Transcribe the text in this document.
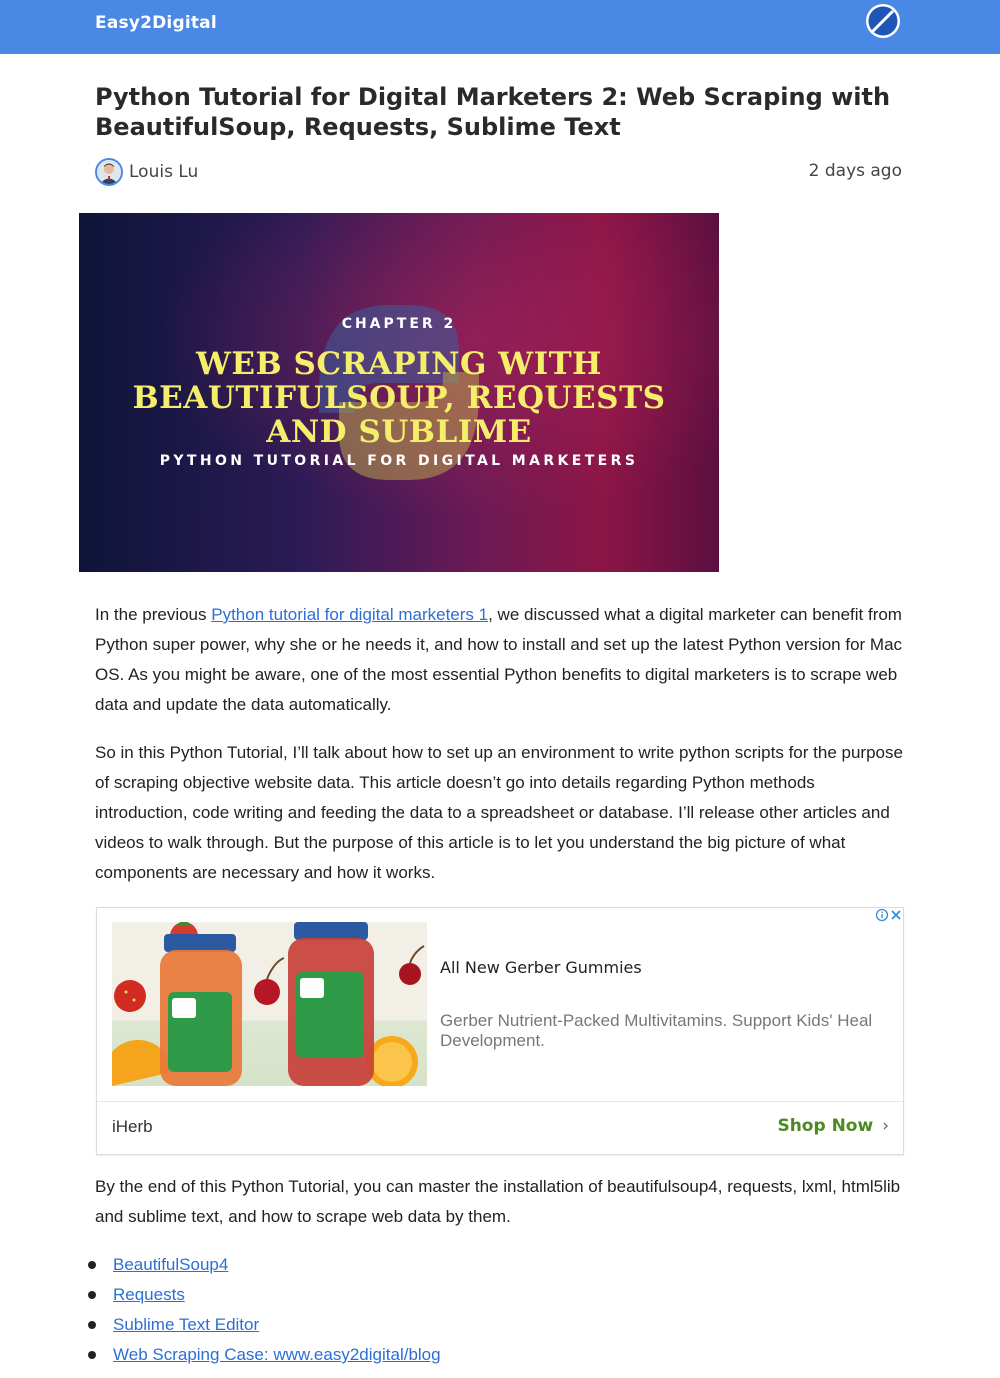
Easy2Digital
Python Tutorial for Digital Marketers 2: Web Scraping with BeautifulSoup, Requests, Sublime Text
Louis Lu	2 days ago
CHAPTER 2
WEB SCRAPING WITH
BEAUTIFULSOUP, REQUESTS
AND SUBLIME
PYTHON TUTORIAL FOR DIGITAL MARKETERS

In the previous Python tutorial for digital marketers 1, we discussed what a digital marketer can benefit from Python super power, why she or he needs it, and how to install and set up the latest Python version for Mac OS. As you might be aware, one of the most essential Python benefits to digital marketers is to scrape web data and update the data automatically.

So in this Python Tutorial, I’ll talk about how to set up an environment to write python scripts for the purpose of scraping objective website data. This article doesn’t go into details regarding Python methods introduction, code writing and feeding the data to a spreadsheet or database. I’ll release other articles and videos to walk through. But the purpose of this article is to let you understand the big picture of what components are necessary and how it works.

All New Gerber Gummies
Gerber Nutrient-Packed Multivitamins. Support Kids' Heal
Development.
iHerb	Shop Now ›

By the end of this Python Tutorial, you can master the installation of beautifulsoup4, requests, lxml, html5lib and sublime text, and how to scrape web data by them.

BeautifulSoup4
Requests
Sublime Text Editor
Web Scraping Case: www.easy2digital/blog
